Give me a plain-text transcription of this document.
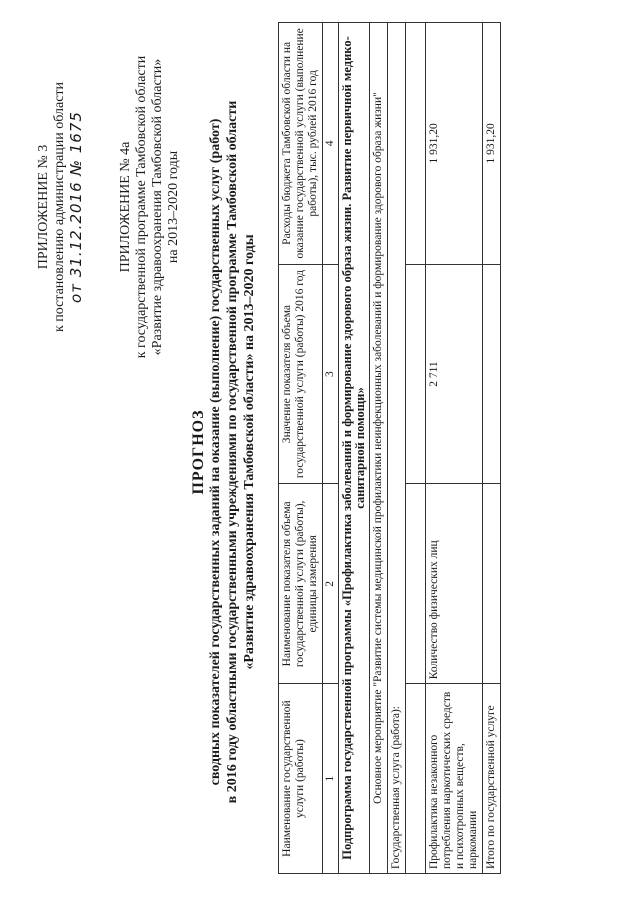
ПРИЛОЖЕНИЕ № 3 к постановлению администрации области от 31.12.2016 № 1675 ПРИЛОЖЕНИЕ № 4а к государственной программе Тамбовской области «Развитие здравоохранения Тамбовской области» на 2013–2020 годы
ПРОГНОЗ сводных показателей государственных заданий на оказание (выполнение) государственных услуг (работ) в 2016 году областными государственными учреждениями по государственной программе Тамбовской области «Развитие здравоохранения Тамбовской области» на 2013–2020 годы
Наименование государственной услуги (работы)	Наименование показателя объема государственной услуги (работы), единицы измерения	Значение показателя объема государственной услуги (работы) 2016 год	Расходы бюджета Тамбовской области на оказание государственной услуги (выполнение работы), тыс. рублей 2016 год
1	2	3	4
Подпрограмма государственной программы «Профилактика заболеваний и формирование здорового образа жизни. Развитие первичной медико-санитарной помощи»			
Основное мероприятие "Развитие системы медицинской профилактики неинфекционных заболеваний и формирование здорового образа жизни"			
Государственная услуга (работа):			

Профилактика незаконного потребления наркотических средств и психотропных веществ, наркомании	Количество физических лиц	2 711	1 931,20
Итого по государственной услуге			1 931,20
